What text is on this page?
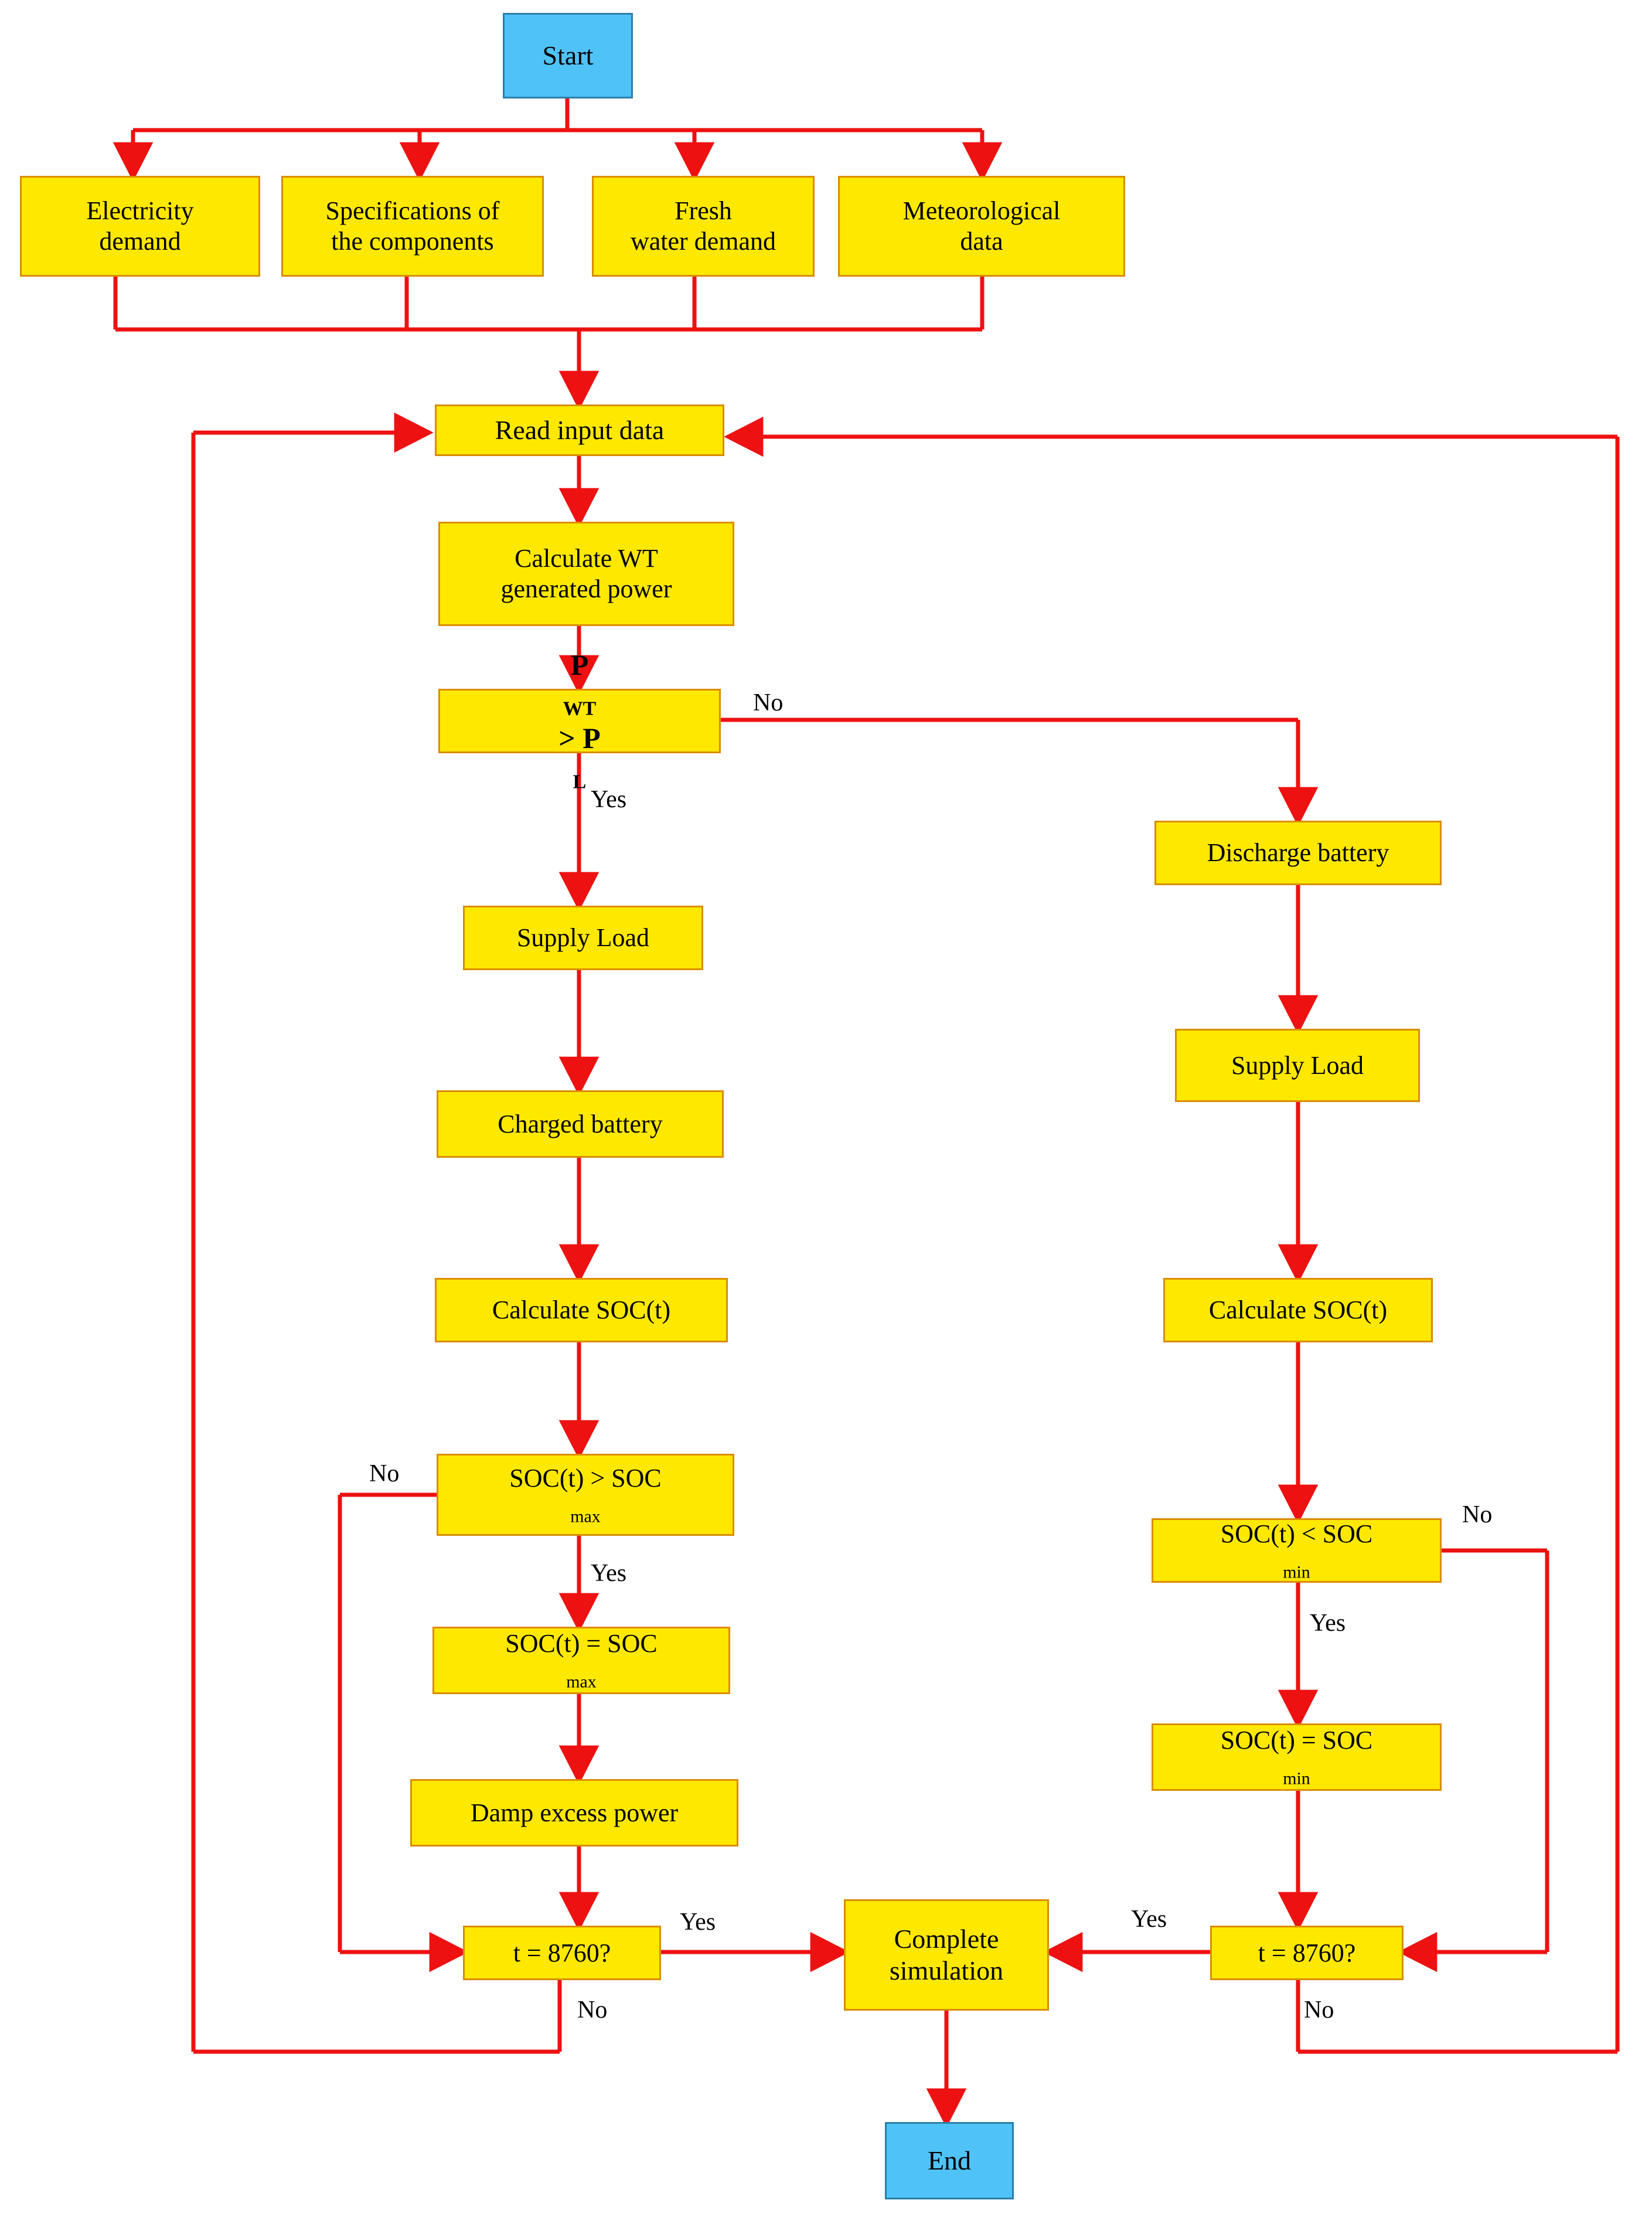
Start
Electricity
demand
Specifications of
the components
Fresh
water demand
Meteorological
data
Read input data
Calculate WT
generated power
P
$_{WT}$
> P
$_L$
Supply Load
Charged battery
Calculate SOC(t)
SOC(t) > SOC
$_{max}$
SOC(t) = SOC
$_{max}$
Damp excess power
t = 8760?
Discharge battery
Supply Load
Calculate SOC(t)
SOC(t) < SOC
$_{min}$
SOC(t) = SOC
$_{min}$
t = 8760?
Complete
simulation
End
No
Yes
No
Yes
Yes
No
No
Yes
Yes
No
